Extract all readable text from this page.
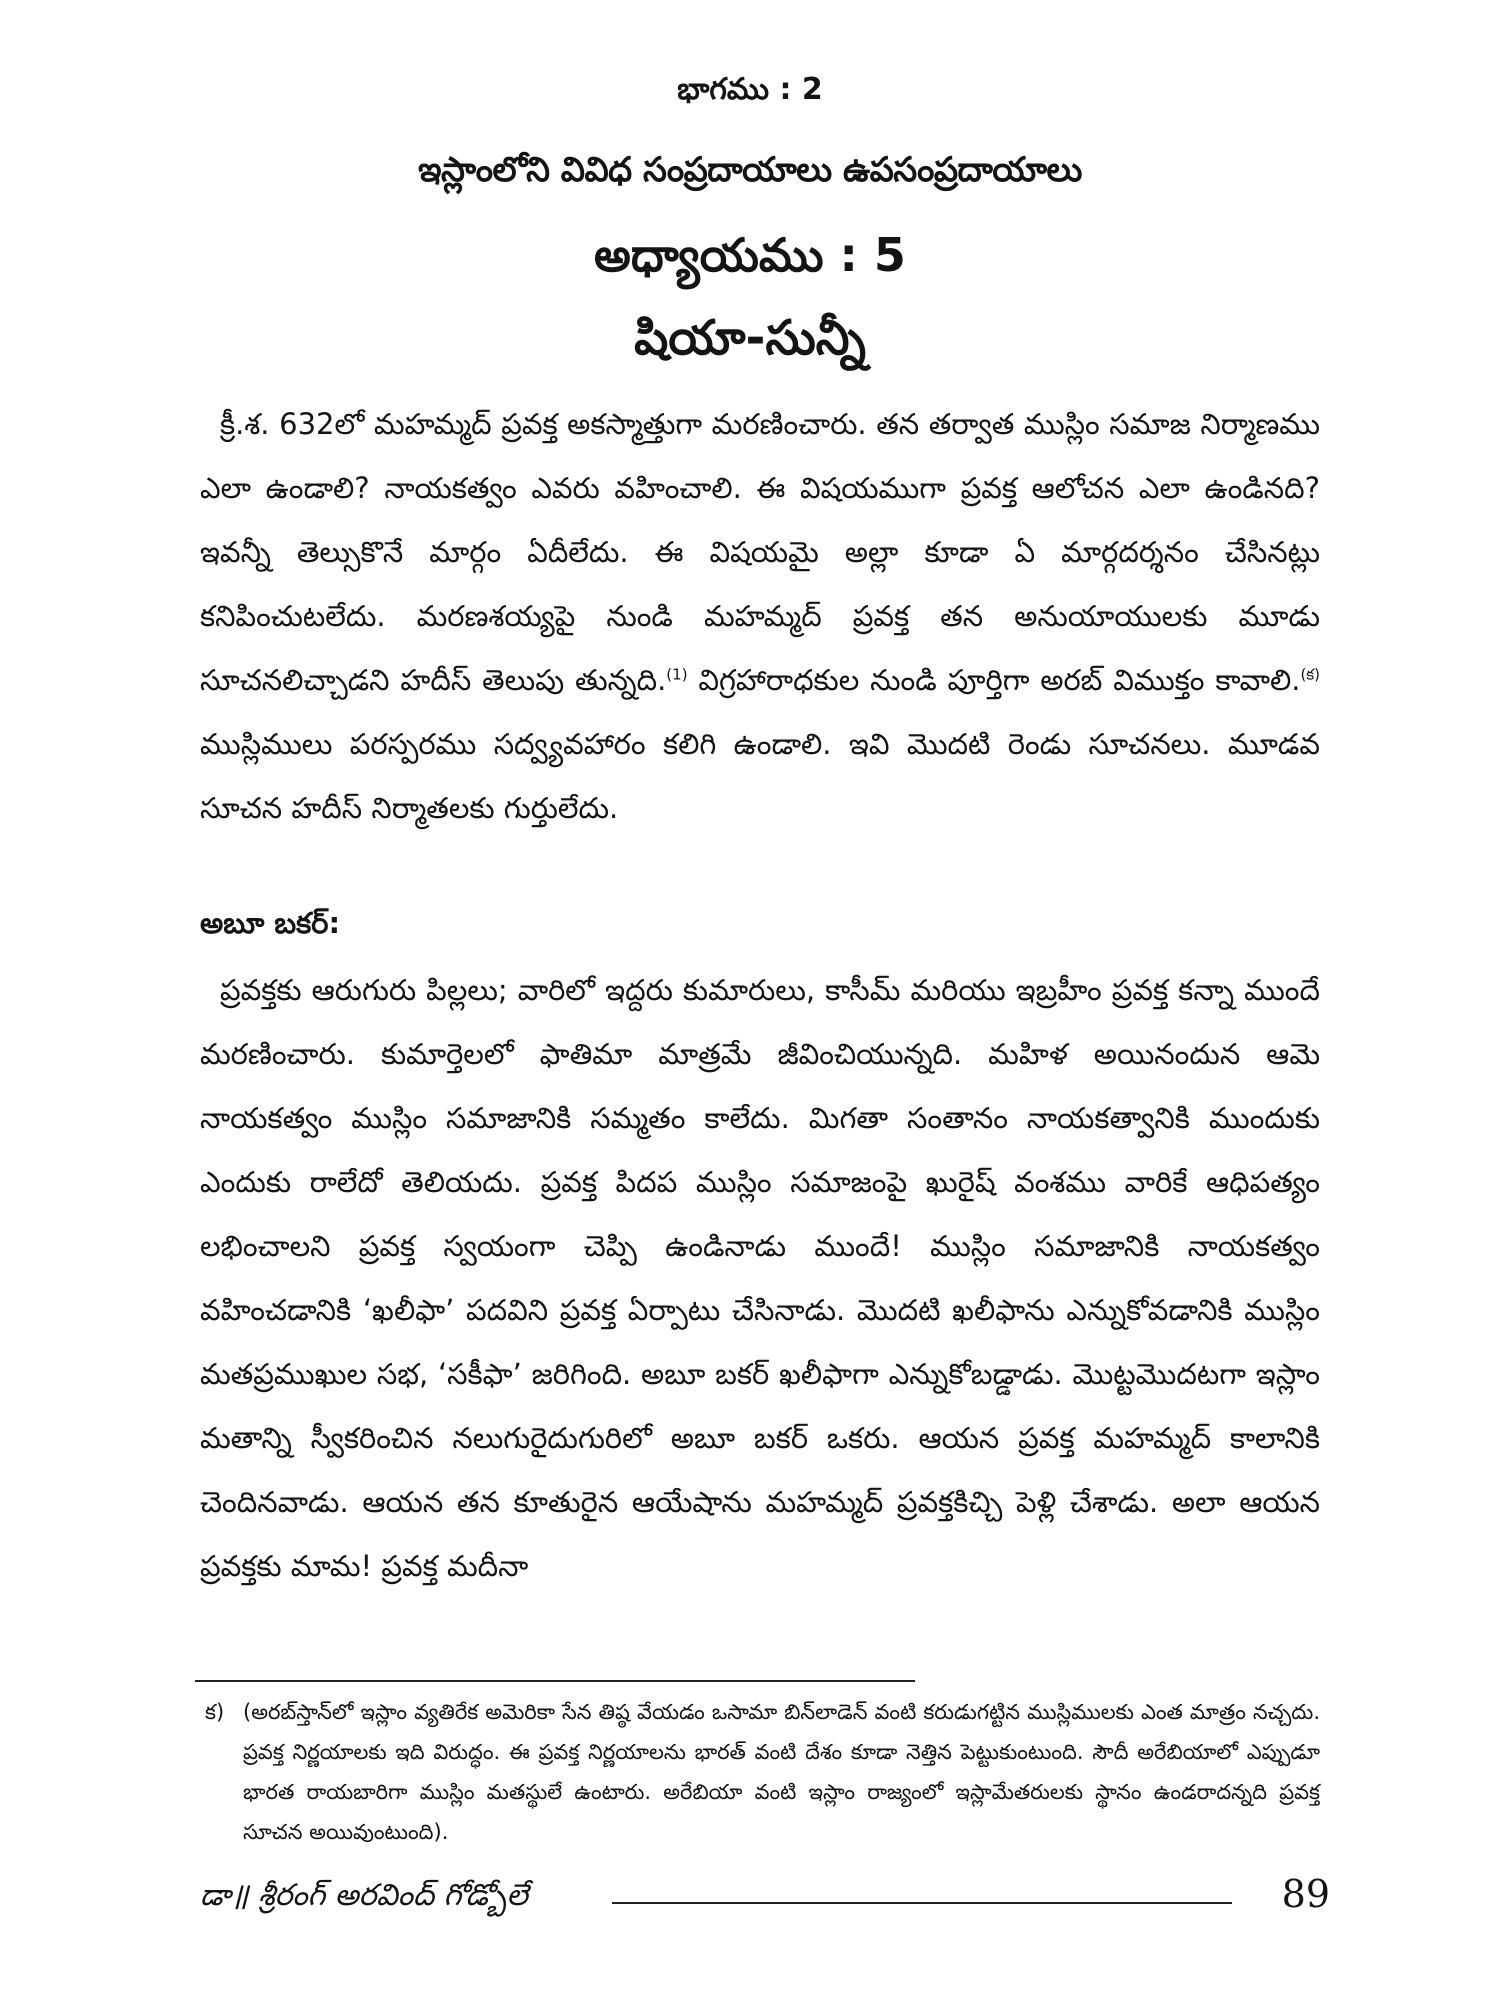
భాగము : 2
ఇస్లాంలోని వివిధ సంప్రదాయాలు ఉపసంప్రదాయాలు
అధ్యాయము : 5
షియా-సున్నీ

క్రీ.శ. 632లో మహమ్మద్ ప్రవక్త అకస్మాత్తుగా మరణించారు. తన తర్వాత ముస్లిం సమాజ నిర్మాణము ఎలా ఉండాలి? నాయకత్వం ఎవరు వహించాలి. ఈ విషయముగా ప్రవక్త ఆలోచన ఎలా ఉండినది? ఇవన్నీ తెల్సుకొనే మార్గం ఏదీలేదు. ఈ విషయమై అల్లా కూడా ఏ మార్గదర్శనం చేసినట్లు కనిపించుటలేదు. మరణశయ్యపై నుండి మహమ్మద్ ప్రవక్త తన అనుయాయులకు మూడు సూచనలిచ్చాడని హదీస్ తెలుపు తున్నది.$^{(1)}$ విగ్రహారాధకుల నుండి పూర్తిగా అరబ్ విముక్తం కావాలి.$^{(క)}$ ముస్లిములు పరస్పరము సద్వ్యవహారం కలిగి ఉండాలి. ఇవి మొదటి రెండు సూచనలు. మూడవ సూచన హదీస్ నిర్మాతలకు గుర్తులేదు.

అబూ బకర్:

ప్రవక్తకు ఆరుగురు పిల్లలు; వారిలో ఇద్దరు కుమారులు, కాసీమ్ మరియు ఇబ్రహీం ప్రవక్త కన్నా ముందే మరణించారు. కుమార్తెలలో ఫాతిమా మాత్రమే జీవించియున్నది. మహిళ అయినందున ఆమె నాయకత్వం ముస్లిం సమాజానికి సమ్మతం కాలేదు. మిగతా సంతానం నాయకత్వానికి ముందుకు ఎందుకు రాలేదో తెలియదు. ప్రవక్త పిదప ముస్లిం సమాజంపై ఖురైష్ వంశము వారికే ఆధిపత్యం లభించాలని ప్రవక్త స్వయంగా చెప్పి ఉండినాడు ముందే! ముస్లిం సమాజానికి నాయకత్వం వహించడానికి ‘ఖలీఫా’ పదవిని ప్రవక్త ఏర్పాటు చేసినాడు. మొదటి ఖలీఫాను ఎన్నుకోవడానికి ముస్లిం మతప్రముఖుల సభ, ‘సకీఫా’ జరిగింది. అబూ బకర్ ఖలీఫాగా ఎన్నుకోబడ్డాడు. మొట్టమొదటగా ఇస్లాం మతాన్ని స్వీకరించిన నలుగురైదుగురిలో అబూ బకర్ ఒకరు. ఆయన ప్రవక్త మహమ్మద్ కాలానికి చెందినవాడు. ఆయన తన కూతురైన ఆయేషాను మహమ్మద్ ప్రవక్తకిచ్చి పెళ్లి చేశాడు. అలా ఆయన ప్రవక్తకు మామ! ప్రవక్త మదీనా

క) (అరబ్‌స్తాన్‌లో ఇస్లాం వ్యతిరేక అమెరికా సేన తిష్ఠ వేయడం ఒసామా బిన్‌లాడెన్ వంటి కరుడుగట్టిన ముస్లిములకు ఎంత మాత్రం నచ్చదు. ప్రవక్త నిర్ణయాలకు ఇది విరుద్ధం. ఈ ప్రవక్త నిర్ణయాలను భారత్ వంటి దేశం కూడా నెత్తిన పెట్టుకుంటుంది. సౌదీ అరేబియాలో ఎప్పుడూ భారత రాయబారిగా ముస్లిం మతస్థులే ఉంటారు. అరేబియా వంటి ఇస్లాం రాజ్యంలో ఇస్లామేతరులకు స్థానం ఉండరాదన్నది ప్రవక్త సూచన అయివుంటుంది).
డా॥ శ్రీరంగ్ అరవింద్ గోడ్బోలే	89
